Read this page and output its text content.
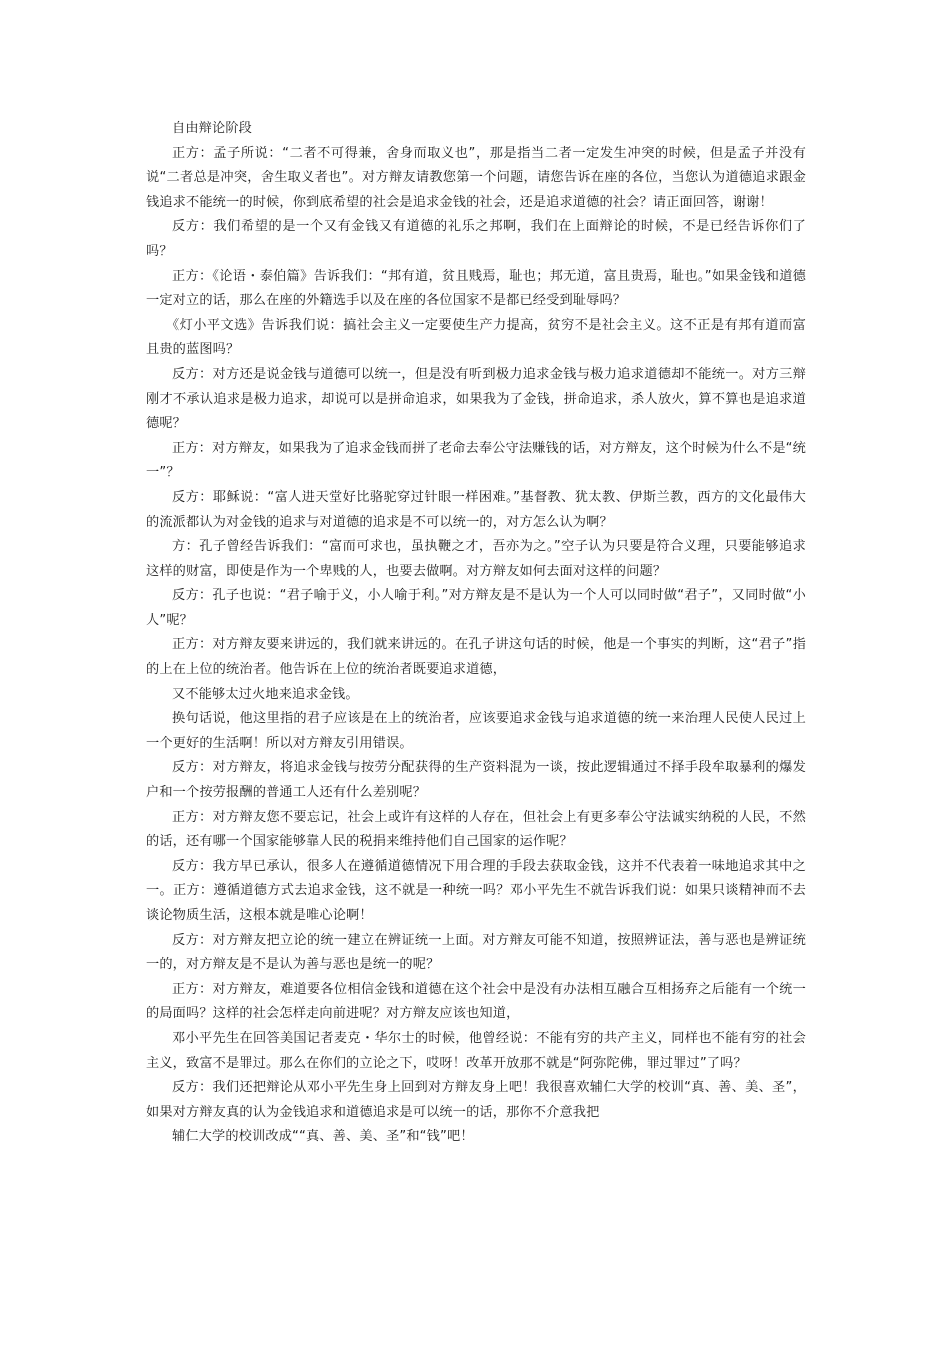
自由辩论阶段

正方：孟子所说：“二者不可得兼，舍身而取义也”，那是指当二者一定发生冲突的时候，但是孟子并没有说“二者总是冲突，舍生取义者也”。对方辩友请教您第一个问题，请您告诉在座的各位，当您认为道德追求跟金钱追求不能统一的时候，你到底希望的社会是追求金钱的社会，还是追求道德的社会？请正面回答，谢谢！

反方：我们希望的是一个又有金钱又有道德的礼乐之邦啊，我们在上面辩论的时候，不是已经告诉你们了吗？

正方：《论语・泰伯篇》告诉我们：“邦有道，贫且贱焉，耻也；邦无道，富且贵焉，耻也。”如果金钱和道德一定对立的话，那么在座的外籍选手以及在座的各位国家不是都已经受到耻辱吗？

《灯小平文选》告诉我们说：搞社会主义一定要使生产力提高，贫穷不是社会主义。这不正是有邦有道而富且贵的蓝图吗？

反方：对方还是说金钱与道德可以统一，但是没有听到极力追求金钱与极力追求道德却不能统一。对方三辩刚才不承认追求是极力追求，却说可以是拼命追求，如果我为了金钱，拼命追求，杀人放火，算不算也是追求道德呢？

正方：对方辩友，如果我为了追求金钱而拼了老命去奉公守法赚钱的话，对方辩友，这个时候为什么不是“统一”？

反方：耶稣说：“富人进天堂好比骆驼穿过针眼一样困难。”基督教、犹太教、伊斯兰教，西方的文化最伟大的流派都认为对金钱的追求与对道德的追求是不可以统一的，对方怎么认为啊？

方：孔子曾经告诉我们：“富而可求也，虽执鞭之才，吾亦为之。”空子认为只要是符合义理，只要能够追求这样的财富，即使是作为一个卑贱的人，也要去做啊。对方辩友如何去面对这样的问题？

反方：孔子也说：“君子喻于义，小人喻于利。”对方辩友是不是认为一个人可以同时做“君子”，又同时做“小人”呢？

正方：对方辩友要来讲远的，我们就来讲远的。在孔子讲这句话的时候，他是一个事实的判断，这“君子”指的上在上位的统治者。他告诉在上位的统治者既要追求道德，

又不能够太过火地来追求金钱。

换句话说，他这里指的君子应该是在上的统治者，应该要追求金钱与追求道德的统一来治理人民使人民过上一个更好的生活啊！所以对方辩友引用错误。

反方：对方辩友，将追求金钱与按劳分配获得的生产资料混为一谈，按此逻辑通过不择手段牟取暴利的爆发户和一个按劳报酬的普通工人还有什么差别呢？

正方：对方辩友您不要忘记，社会上或许有这样的人存在，但社会上有更多奉公守法诚实纳税的人民，不然的话，还有哪一个国家能够靠人民的税捐来维持他们自己国家的运作呢？

反方：我方早已承认，很多人在遵循道德情况下用合理的手段去获取金钱，这并不代表着一味地追求其中之一。正方：遵循道德方式去追求金钱，这不就是一种统一吗？邓小平先生不就告诉我们说：如果只谈精神而不去谈论物质生活，这根本就是唯心论啊！

反方：对方辩友把立论的统一建立在辨证统一上面。对方辩友可能不知道，按照辨证法，善与恶也是辨证统一的，对方辩友是不是认为善与恶也是统一的呢？

正方：对方辩友，难道要各位相信金钱和道德在这个社会中是没有办法相互融合互相扬弃之后能有一个统一的局面吗？这样的社会怎样走向前进呢？对方辩友应该也知道，

邓小平先生在回答美国记者麦克・华尔士的时候，他曾经说：不能有穷的共产主义，同样也不能有穷的社会主义，致富不是罪过。那么在你们的立论之下，哎呀！改革开放那不就是“阿弥陀佛，罪过罪过”了吗？

反方：我们还把辩论从邓小平先生身上回到对方辩友身上吧！我很喜欢辅仁大学的校训“真、善、美、圣”，如果对方辩友真的认为金钱追求和道德追求是可以统一的话，那你不介意我把

辅仁大学的校训改成““真、善、美、圣”和“钱”吧！
